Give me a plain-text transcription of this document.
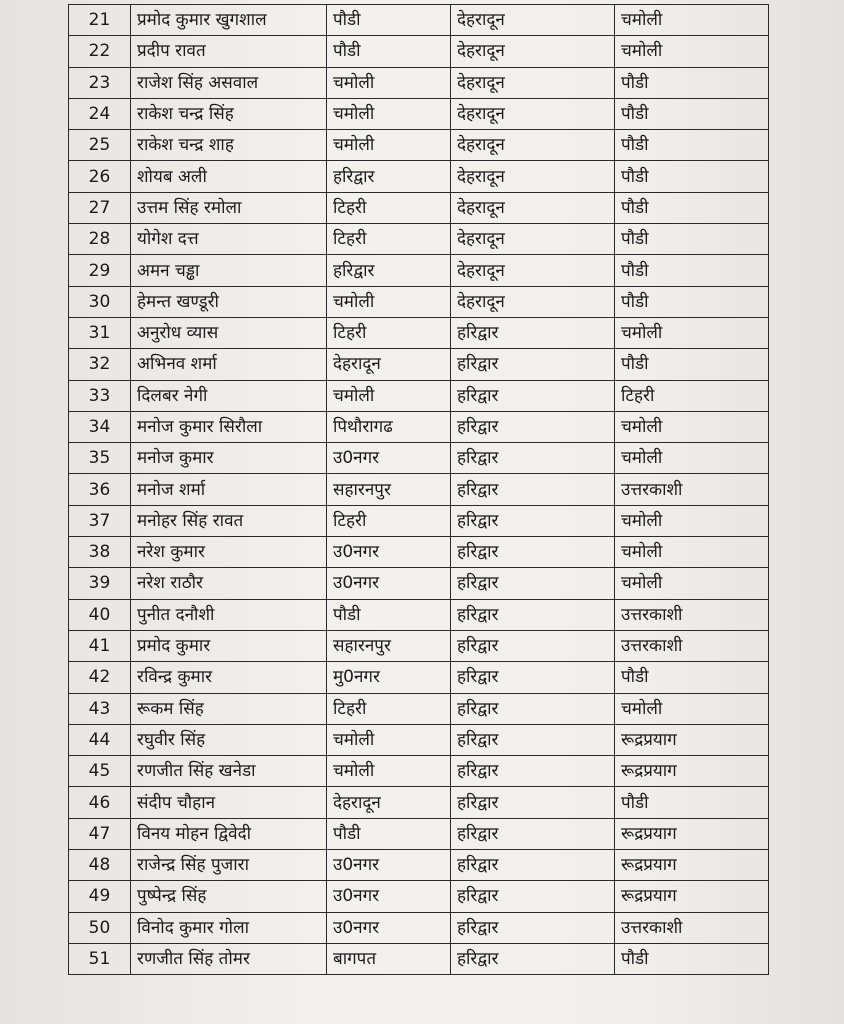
21	प्रमोद कुमार खुगशाल	पौडी	देहरादून	चमोली
22	प्रदीप रावत	पौडी	देहरादून	चमोली
23	राजेश सिंह असवाल	चमोली	देहरादून	पौडी
24	राकेश चन्द्र सिंह	चमोली	देहरादून	पौडी
25	राकेश चन्द्र शाह	चमोली	देहरादून	पौडी
26	शोयब अली	हरिद्वार	देहरादून	पौडी
27	उत्तम सिंह रमोला	टिहरी	देहरादून	पौडी
28	योगेश दत्त	टिहरी	देहरादून	पौडी
29	अमन चड्ढा	हरिद्वार	देहरादून	पौडी
30	हेमन्त खण्डूरी	चमोली	देहरादून	पौडी
31	अनुरोध व्यास	टिहरी	हरिद्वार	चमोली
32	अभिनव शर्मा	देहरादून	हरिद्वार	पौडी
33	दिलबर नेगी	चमोली	हरिद्वार	टिहरी
34	मनोज कुमार सिरौला	पिथौरागढ	हरिद्वार	चमोली
35	मनोज कुमार	उ0नगर	हरिद्वार	चमोली
36	मनोज शर्मा	सहारनपुर	हरिद्वार	उत्तरकाशी
37	मनोहर सिंह रावत	टिहरी	हरिद्वार	चमोली
38	नरेश कुमार	उ0नगर	हरिद्वार	चमोली
39	नरेश राठौर	उ0नगर	हरिद्वार	चमोली
40	पुनीत दनौशी	पौडी	हरिद्वार	उत्तरकाशी
41	प्रमोद कुमार	सहारनपुर	हरिद्वार	उत्तरकाशी
42	रविन्द्र कुमार	मु0नगर	हरिद्वार	पौडी
43	रूकम सिंह	टिहरी	हरिद्वार	चमोली
44	रघुवीर सिंह	चमोली	हरिद्वार	रूद्रप्रयाग
45	रणजीत सिंह खनेडा	चमोली	हरिद्वार	रूद्रप्रयाग
46	संदीप चौहान	देहरादून	हरिद्वार	पौडी
47	विनय मोहन द्विवेदी	पौडी	हरिद्वार	रूद्रप्रयाग
48	राजेन्द्र सिंह पुजारा	उ0नगर	हरिद्वार	रूद्रप्रयाग
49	पुष्पेन्द्र सिंह	उ0नगर	हरिद्वार	रूद्रप्रयाग
50	विनोद कुमार गोला	उ0नगर	हरिद्वार	उत्तरकाशी
51	रणजीत सिंह तोमर	बागपत	हरिद्वार	पौडी
